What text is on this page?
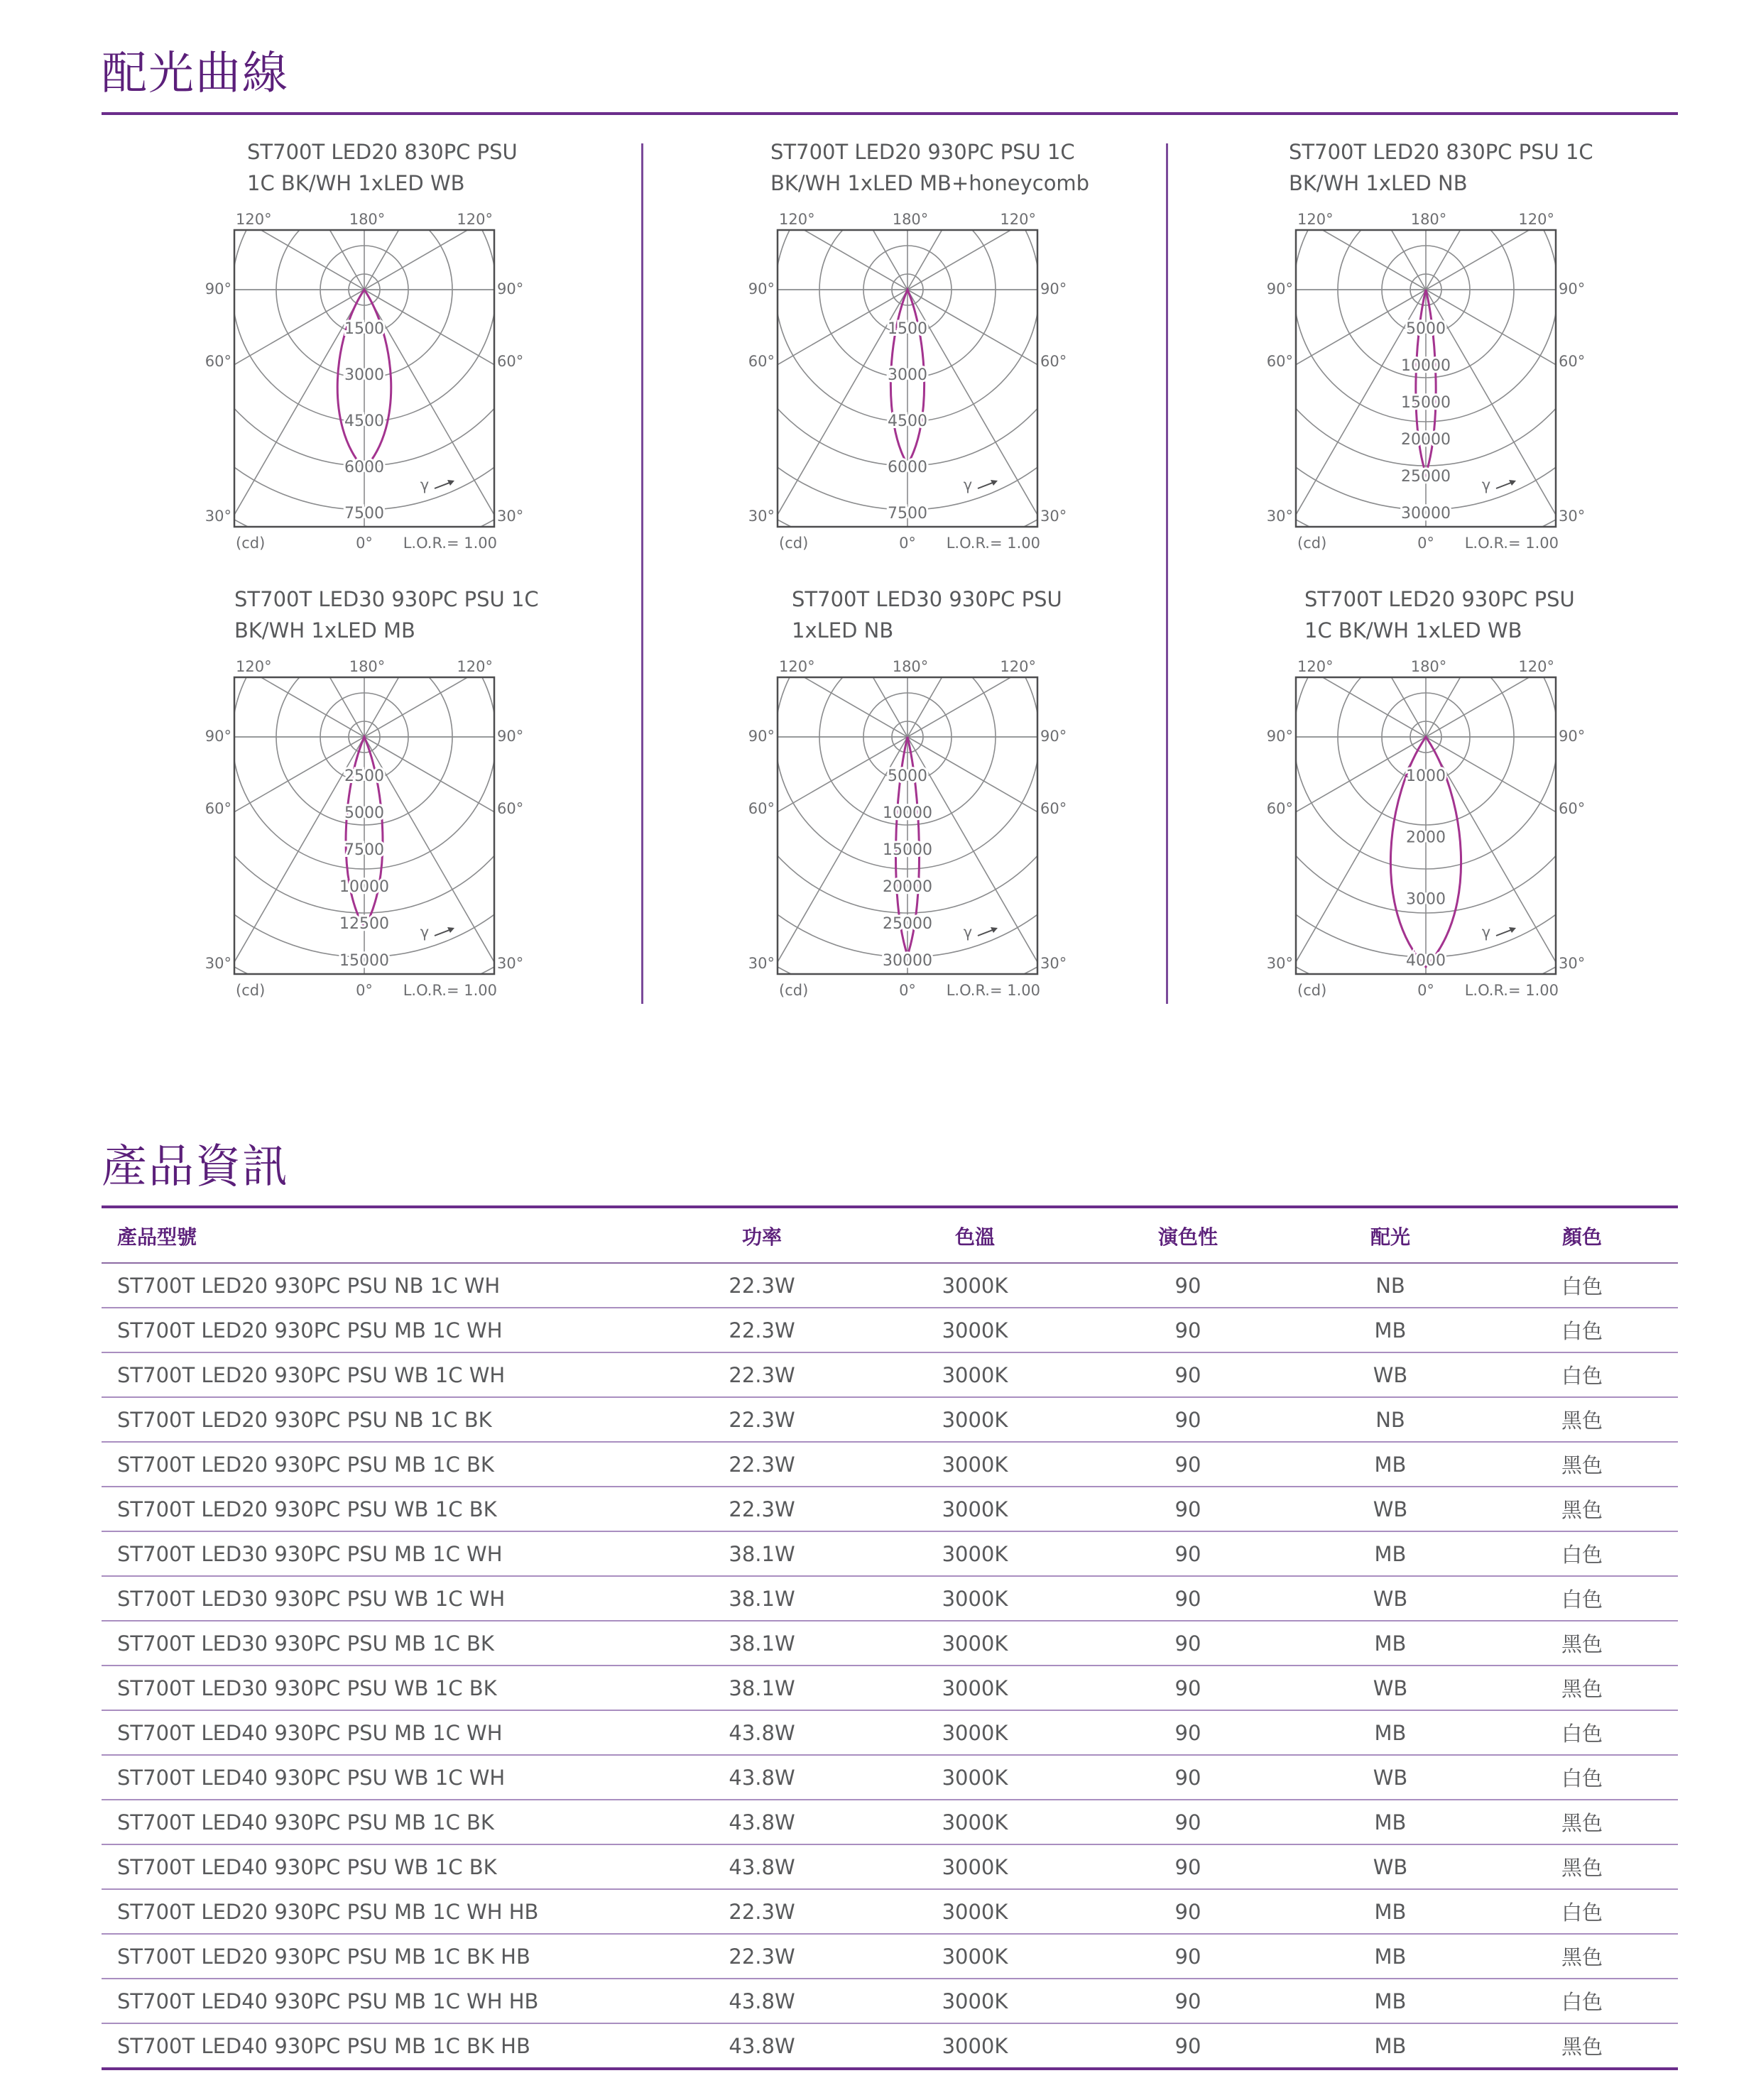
配光曲線
ST700T LED20 830PC PSU
1C BK/WH 1xLED WB
1500
3000
4500
6000
7500
120°	180°	120°
90°	90°
60°	60°
30°	30°
(cd)	0° L.O.R.= 1.00
γ
ST700T LED20 930PC PSU 1C
BK/WH 1xLED MB+honeycomb
1500
3000
4500
6000
7500
120°	180°	120°
90°	90°
60°	60°
30°	30°
(cd)	0° L.O.R.= 1.00
γ
ST700T LED20 830PC PSU 1C
BK/WH 1xLED NB
5000
10000
15000
20000
25000
30000
120°	180°	120°
90°	90°
60°	60°
30°	30°
(cd)	0° L.O.R.= 1.00
γ
ST700T LED30 930PC PSU 1C
BK/WH 1xLED MB
2500
5000
7500
10000
12500
15000
120°	180°	120°
90°	90°
60°	60°
30°	30°
(cd)	0° L.O.R.= 1.00
γ
ST700T LED30 930PC PSU
1xLED NB
5000
10000
15000
20000
25000
30000
120°	180°	120°
90°	90°
60°	60°
30°	30°
(cd)	0° L.O.R.= 1.00
γ
ST700T LED20 930PC PSU
1C BK/WH 1xLED WB
1000
2000
3000
4000
120°	180°	120°
90°	90°
60°	60°
30°	30°
(cd)	0° L.O.R.= 1.00
γ
產品資訊
產品型號	功率	色溫	演色性	配光	顏色
ST700T LED20 930PC PSU NB 1C WH	22.3W	3000K	90	NB	白色
ST700T LED20 930PC PSU MB 1C WH	22.3W	3000K	90	MB	白色
ST700T LED20 930PC PSU WB 1C WH	22.3W	3000K	90	WB	白色
ST700T LED20 930PC PSU NB 1C BK	22.3W	3000K	90	NB	黑色
ST700T LED20 930PC PSU MB 1C BK	22.3W	3000K	90	MB	黑色
ST700T LED20 930PC PSU WB 1C BK	22.3W	3000K	90	WB	黑色
ST700T LED30 930PC PSU MB 1C WH	38.1W	3000K	90	MB	白色
ST700T LED30 930PC PSU WB 1C WH	38.1W	3000K	90	WB	白色
ST700T LED30 930PC PSU MB 1C BK	38.1W	3000K	90	MB	黑色
ST700T LED30 930PC PSU WB 1C BK	38.1W	3000K	90	WB	黑色
ST700T LED40 930PC PSU MB 1C WH	43.8W	3000K	90	MB	白色
ST700T LED40 930PC PSU WB 1C WH	43.8W	3000K	90	WB	白色
ST700T LED40 930PC PSU MB 1C BK	43.8W	3000K	90	MB	黑色
ST700T LED40 930PC PSU WB 1C BK	43.8W	3000K	90	WB	黑色
ST700T LED20 930PC PSU MB 1C WH HB	22.3W	3000K	90	MB	白色
ST700T LED20 930PC PSU MB 1C BK HB	22.3W	3000K	90	MB	黑色
ST700T LED40 930PC PSU MB 1C WH HB	43.8W	3000K	90	MB	白色
ST700T LED40 930PC PSU MB 1C BK HB	43.8W	3000K	90	MB	黑色
